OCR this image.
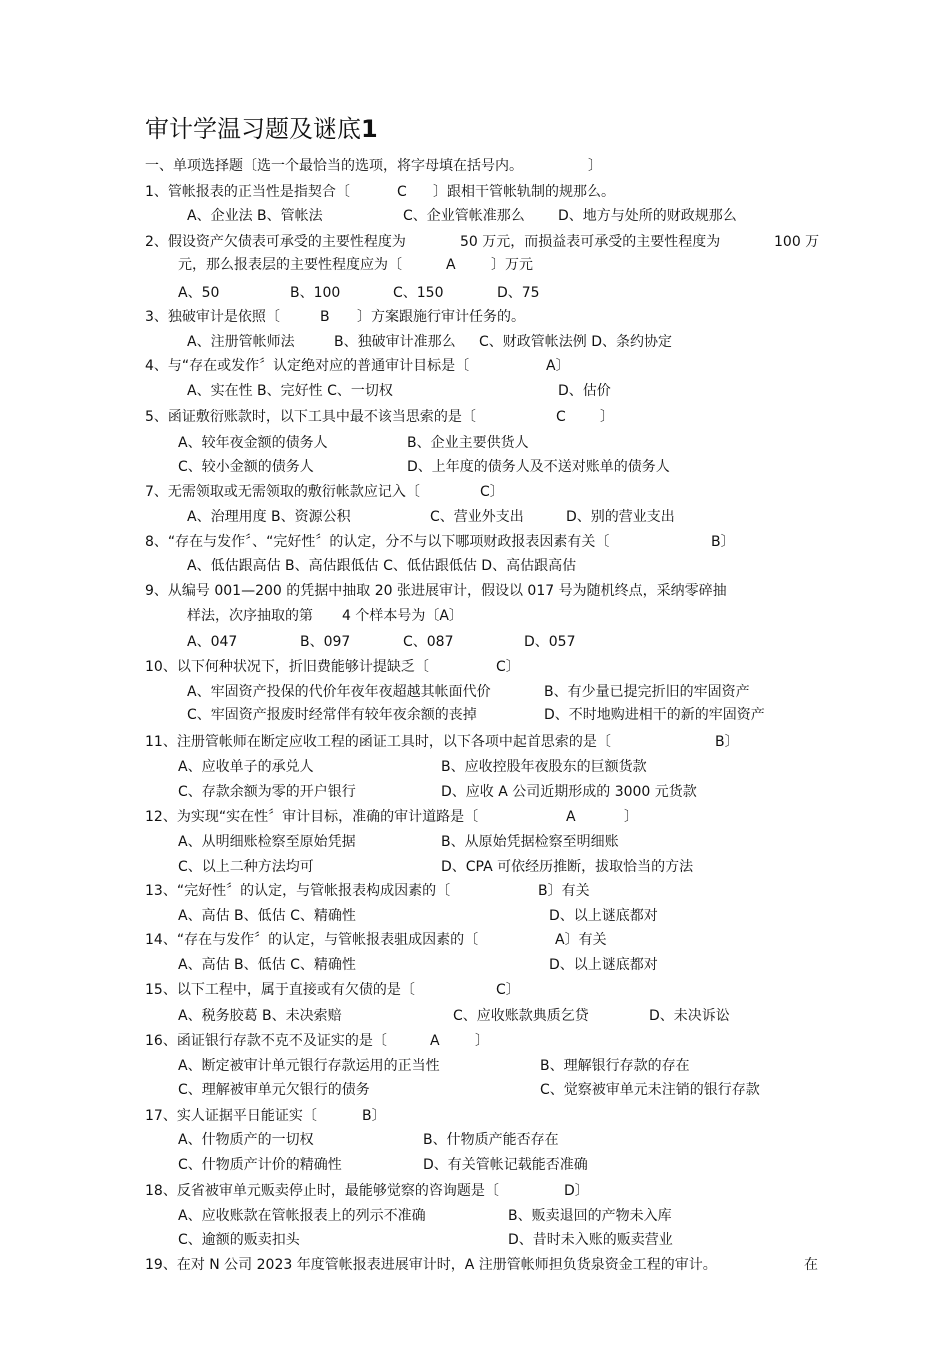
审计学温习题及谜底1
一、单项选择题〔选一个最恰当的选项，将字母填在括号内。	〕
1、管帐报表的正当性是指契合〔	C 〕跟相干管帐轨制的规那么。
A、企业法 B、管帐法	C、企业管帐准那么 D、地方与处所的财政规那么
2、假设资产欠债表可承受的主要性程度为	50 万元，而损益表可承受的主要性程度为	100 万
元，那么报表层的主要性程度应为〔	A	〕万元
A、50	B、100	C、150	D、75
3、独破审计是依照〔	B 〕方案跟施行审计任务的。
A、注册管帐师法	B、独破审计准那么 C、财政管帐法例 D、条约协定
4、与“存在或发作〞认定绝对应的普通审计目标是〔	A〕
A、实在性 B、完好性 C、一切权	D、估价
5、函证敷衍账款时，以下工具中最不该当思索的是〔	C 〕
A、较年夜金额的债务人	B、企业主要供货人
C、较小金额的债务人	D、上年度的债务人及不送对账单的债务人
7、无需领取或无需领取的敷衍帐款应记入〔	C〕
A、治理用度 B、资源公积	C、营业外支出	D、别的营业支出
8、“存在与发作〞、“完好性〞的认定，分不与以下哪项财政报表因素有关〔	B〕
A、低估跟高估 B、高估跟低估 C、低估跟低估 D、高估跟高估
9、从编号 001—200 的凭据中抽取 20 张进展审计，假设以 017 号为随机终点，采纳零碎抽
样法，次序抽取的第 4 个样本号为〔A〕
A、047	B、097	C、087	D、057
10、以下何种状况下，折旧费能够计提缺乏〔	C〕
A、牢固资产投保的代价年夜年夜超越其帐面代价	B、有少量已提完折旧的牢固资产
C、牢固资产报废时经常伴有较年夜余额的丧掉	D、不时地购进相干的新的牢固资产
11、注册管帐师在断定应收工程的函证工具时，以下各项中起首思索的是〔	B〕
A、应收单子的承兑人	B、应收控股年夜股东的巨额货款
C、存款余额为零的开户银行	D、应收 A 公司近期形成的 3000 元货款
12、为实现“实在性〞审计目标，准确的审计道路是〔	A	〕
A、从明细账检察至原始凭据	B、从原始凭据检察至明细账
C、以上二种方法均可	D、CPA 可依经历推断，拔取恰当的方法
13、“完好性〞的认定，与管帐报表构成因素的〔	B〕有关
A、高估 B、低估 C、精确性	D、以上谜底都对
14、“存在与发作〞的认定，与管帐报表驵成因素的〔	A〕有关
A、高估 B、低估 C、精确性	D、以上谜底都对
15、以下工程中，属于直接或有欠债的是〔	C〕
A、税务胶葛 B、未决索赔	C、应收账款典质乞贷	D、未决诉讼
16、函证银行存款不克不及证实的是〔	A	〕
A、断定被审计单元银行存款运用的正当性	B、理解银行存款的存在
C、理解被审单元欠银行的债务	C、觉察被审单元未注销的银行存款
17、实人证据平日能证实〔	B〕
A、什物质产的一切权	B、什物质产能否存在
C、什物质产计价的精确性	D、有关管帐记载能否准确
18、反省被审单元贩卖停止时，最能够觉察的咨询题是〔	D〕
A、应收账款在管帐报表上的列示不准确	B、贩卖退回的产物未入库
C、逾额的贩卖扣头	D、昔时未入账的贩卖营业
19、在对 N 公司 2023 年度管帐报表进展审计时，A 注册管帐师担负货泉资金工程的审计。	在
